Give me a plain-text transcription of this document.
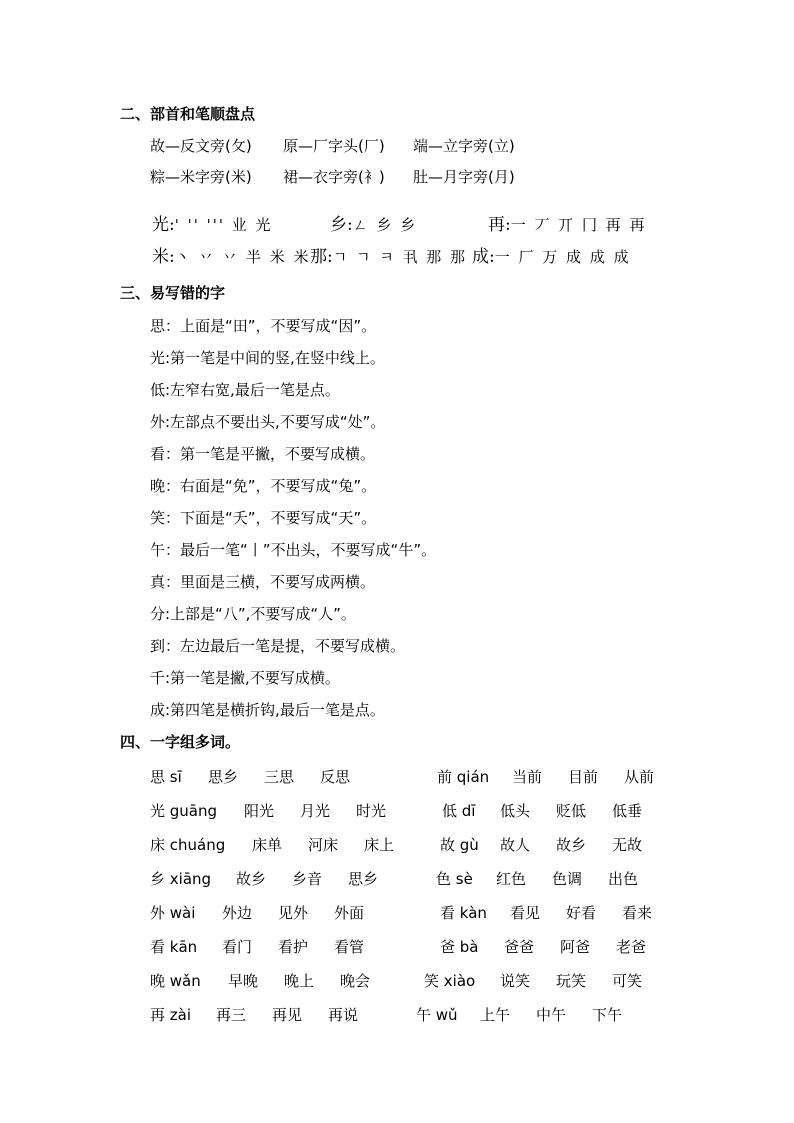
二、部首和笔顺盘点
故—反文旁(攵) 原—厂字头(厂) 端—立字旁(立)
粽—米字旁(米) 裙—衣字旁(衤) 肚—月字旁(月)
光:ꞌ ꞌꞌ ꞌꞌꞌ 业 光	乡:ㄥ 乡 乡	再:一 丆 丌 冂 再 再
米:丶 丷 丷 半 米 米 那:ㄱ ㄱ ㅋ 丮 那 那 成:一 厂 万 成 成 成
三、易写错的字
思：上面是“田”，不要写成“因”。
光:第一笔是中间的竖,在竖中线上。
低:左窄右宽,最后一笔是点。
外:左部点不要出头,不要写成“处”。
看：第一笔是平撇，不要写成横。
晚：右面是“免”，不要写成“兔”。
笑：下面是“夭”，不要写成“天”。
午：最后一笔“丨”不出头，不要写成“牛”。
真：里面是三横，不要写成两横。
分:上部是“八”,不要写成“人”。
到：左边最后一笔是提，不要写成横。
千:第一笔是撇,不要写成横。
成:第四笔是横折钩,最后一笔是点。
四、一字组多词。
思 sī 思乡 三思 反思
光 guāng 阳光 月光 时光
床 chuáng 床单 河床 床上
乡 xiāng 故乡 乡音 思乡
外 wài 外边 见外 外面
看 kān 看门 看护 看管
晚 wǎn 早晚 晚上 晚会
再 zài 再三 再见 再说
前 qián 当前 目前 从前
低 dī 低头 贬低 低垂
故 gù 故人 故乡 无故
色 sè 红色 色调 出色
看 kàn 看见 好看 看来
爸 bà 爸爸 阿爸 老爸
笑 xiào 说笑 玩笑 可笑
午 wǔ 上午 中午 下午
